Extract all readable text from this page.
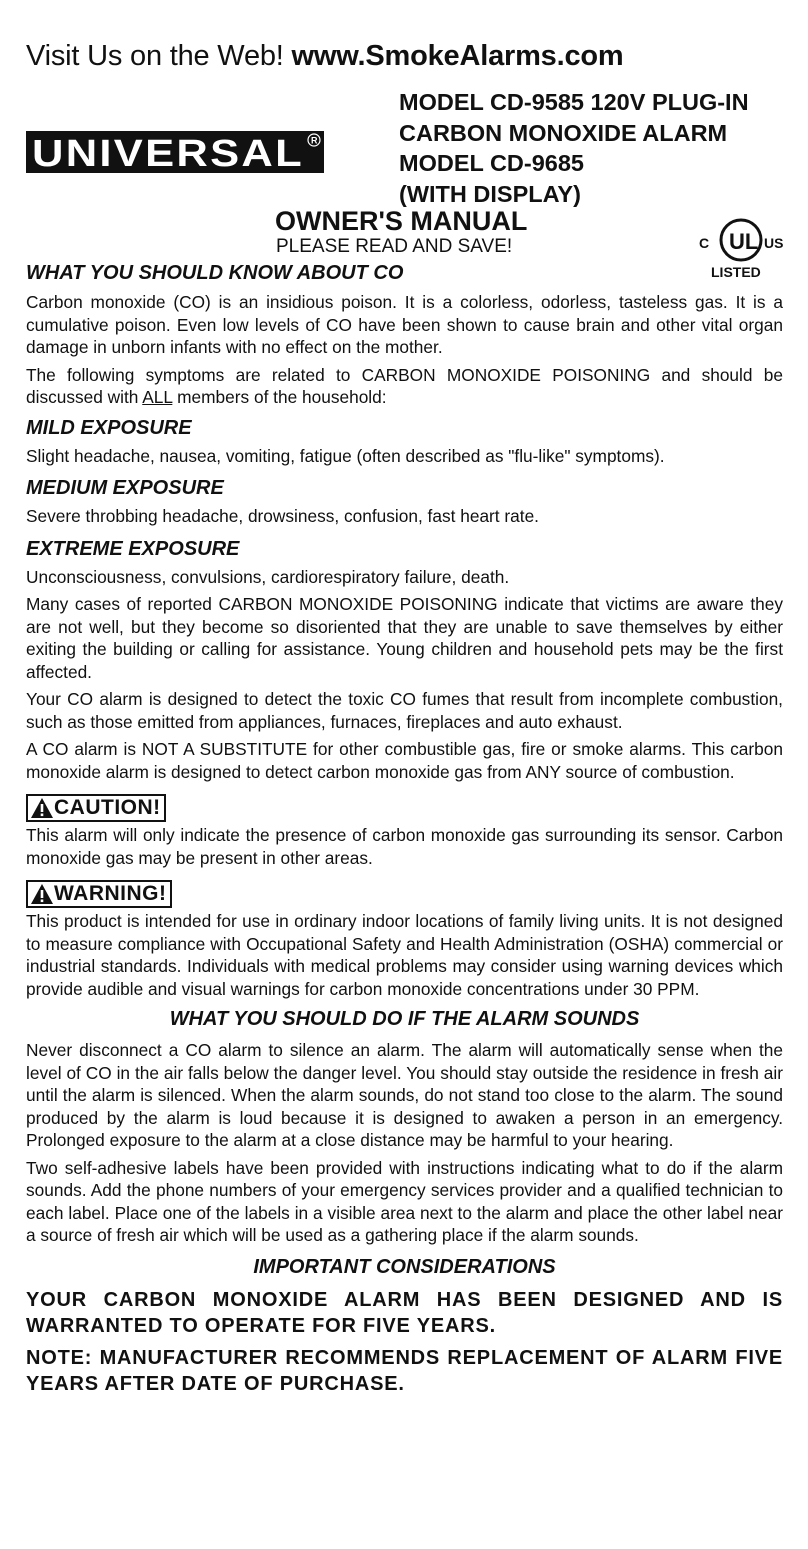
Visit Us on the Web! www.SmokeAlarms.com
UNIVERSAL R
MODEL CD-9585 120V PLUG-IN
CARBON MONOXIDE ALARM
MODEL CD-9685
(WITH DISPLAY)
OWNER'S MANUAL
PLEASE READ AND SAVE!	UL
C	US
LISTED
WHAT YOU SHOULD KNOW ABOUT CO

Carbon monoxide (CO) is an insidious poison. It is a colorless, odorless, tasteless gas. It is a cumulative poison. Even low levels of CO have been shown to cause brain and other vital organ damage in unborn infants with no effect on the mother.

The following symptoms are related to CARBON MONOXIDE POISONING and should be discussed with ALL members of the household:

MILD EXPOSURE

Slight headache, nausea, vomiting, fatigue (often described as "flu-like" symptoms).

MEDIUM EXPOSURE

Severe throbbing headache, drowsiness, confusion, fast heart rate.

EXTREME EXPOSURE

Unconsciousness, convulsions, cardiorespiratory failure, death.

Many cases of reported CARBON MONOXIDE POISONING indicate that victims are aware they are not well, but they become so disoriented that they are unable to save themselves by either exiting the building or calling for assistance. Young children and household pets may be the first affected.

Your CO alarm is designed to detect the toxic CO fumes that result from incomplete combustion, such as those emitted from appliances, furnaces, fireplaces and auto exhaust.

A CO alarm is NOT A SUBSTITUTE for other combustible gas, fire or smoke alarms. This carbon monoxide alarm is designed to detect carbon monoxide gas from ANY source of combustion.

CAUTION!

This alarm will only indicate the presence of carbon monoxide gas surrounding its sensor. Carbon monoxide gas may be present in other areas.

WARNING!

This product is intended for use in ordinary indoor locations of family living units. It is not designed to measure compliance with Occupational Safety and Health Administration (OSHA) commercial or industrial standards. Individuals with medical problems may consider using warning devices which provide audible and visual warnings for carbon monoxide concentrations under 30 PPM.

WHAT YOU SHOULD DO IF THE ALARM SOUNDS

Never disconnect a CO alarm to silence an alarm. The alarm will automatically sense when the level of CO in the air falls below the danger level. You should stay outside the residence in fresh air until the alarm is silenced. When the alarm sounds, do not stand too close to the alarm. The sound produced by the alarm is loud because it is designed to awaken a person in an emergency. Prolonged exposure to the alarm at a close distance may be harmful to your hearing.

Two self-adhesive labels have been provided with instructions indicating what to do if the alarm sounds. Add the phone numbers of your emergency services provider and a qualified technician to each label. Place one of the labels in a visible area next to the alarm and place the other label near a source of fresh air which will be used as a gathering place if the alarm sounds.

IMPORTANT CONSIDERATIONS
YOUR CARBON MONOXIDE ALARM HAS BEEN DESIGNED AND IS WARRANTED TO OPERATE FOR FIVE YEARS.
NOTE: MANUFACTURER RECOMMENDS REPLACEMENT OF ALARM FIVE YEARS AFTER DATE OF PURCHASE.
